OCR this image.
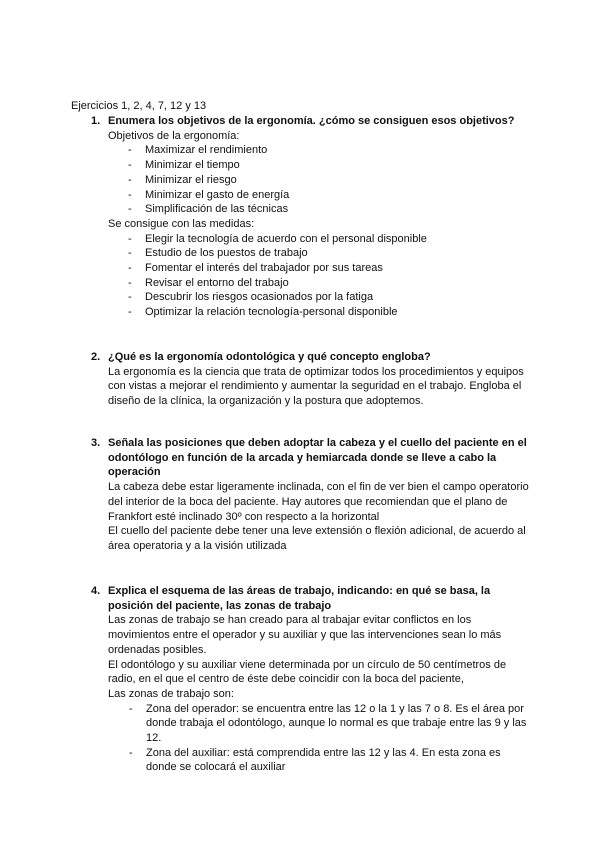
Ejercicios 1, 2, 4, 7, 12 y 13
1. Enumera los objetivos de la ergonomía. ¿cómo se consiguen esos objetivos?

Objetivos de la ergonomía:

- Maximizar el rendimiento
- Minimizar el tiempo
- Minimizar el riesgo
- Minimizar el gasto de energía
- Simplificación de las técnicas

Se consigue con las medidas:

- Elegir la tecnología de acuerdo con el personal disponible
- Estudio de los puestos de trabajo
- Fomentar el interés del trabajador por sus tareas
- Revisar el entorno del trabajo
- Descubrir los riesgos ocasionados por la fatiga
- Optimizar la relación tecnología-personal disponible
2. ¿Qué es la ergonomía odontológica y qué concepto engloba?

La ergonomía es la ciencia que trata de optimizar todos los procedimientos y equipos con vistas a mejorar el rendimiento y aumentar la seguridad en el trabajo. Engloba el diseño de la clínica, la organización y la postura que adoptemos.

3. Señala las posiciones que deben adoptar la cabeza y el cuello del paciente en el odontólogo en función de la arcada y hemiarcada donde se lleve a cabo la operación

La cabeza debe estar ligeramente inclinada, con el fin de ver bien el campo operatorio del interior de la boca del paciente. Hay autores que recomiendan que el plano de Frankfort esté inclinado 30º con respecto a la horizontal

El cuello del paciente debe tener una leve extensión o flexión adicional, de acuerdo al área operatoria y a la visión utilizada

4. Explica el esquema de las áreas de trabajo, indicando: en qué se basa, la posición del paciente, las zonas de trabajo

Las zonas de trabajo se han creado para al trabajar evitar conflictos en los movimientos entre el operador y su auxiliar y que las intervenciones sean lo más ordenadas posibles.

El odontólogo y su auxiliar viene determinada por un círculo de 50 centímetros de radio, en el que el centro de éste debe coincidir con la boca del paciente,

Las zonas de trabajo son:

- Zona del operador: se encuentra entre las 12 o la 1 y las 7 o 8. Es el área por donde trabaja el odontólogo, aunque lo normal es que trabaje entre las 9 y las 12.
- Zona del auxiliar: está comprendida entre las 12 y las 4. En esta zona es donde se colocará el auxiliar
